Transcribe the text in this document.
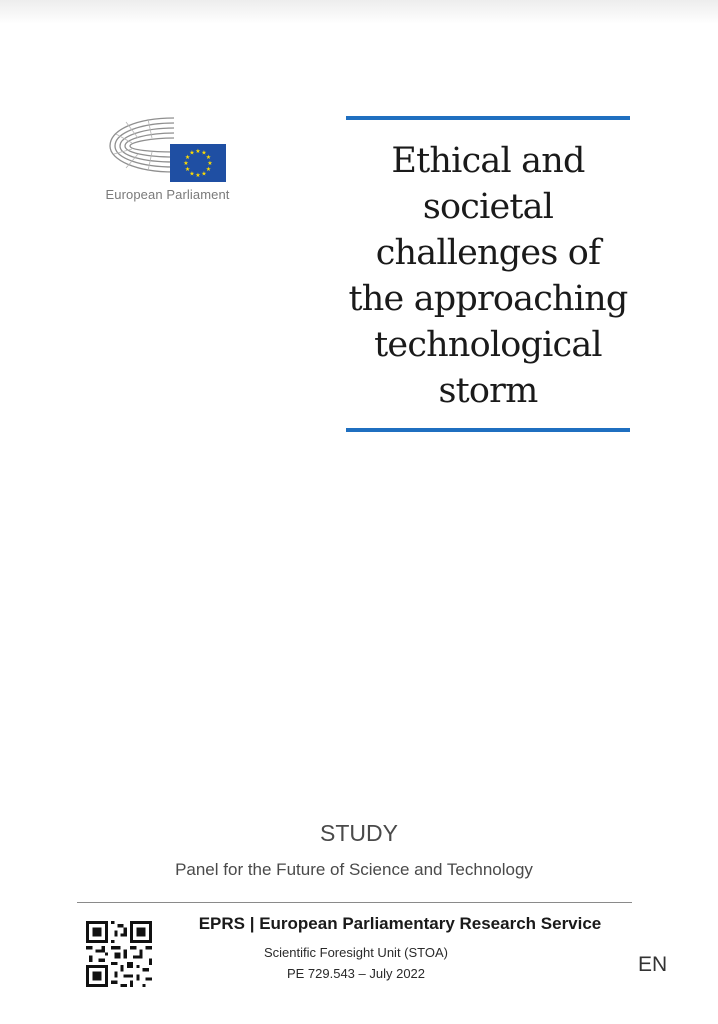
★ ★
★
★
★
★
★
★
★
★
★
★
European Parliament
Ethical and
societal
challenges of
the approaching
technological
storm
STUDY
Panel for the Future of Science and Technology
EPRS | European Parliamentary Research Service
Scientific Foresight Unit (STOA)
PE 729.543 – July 2022	EN
